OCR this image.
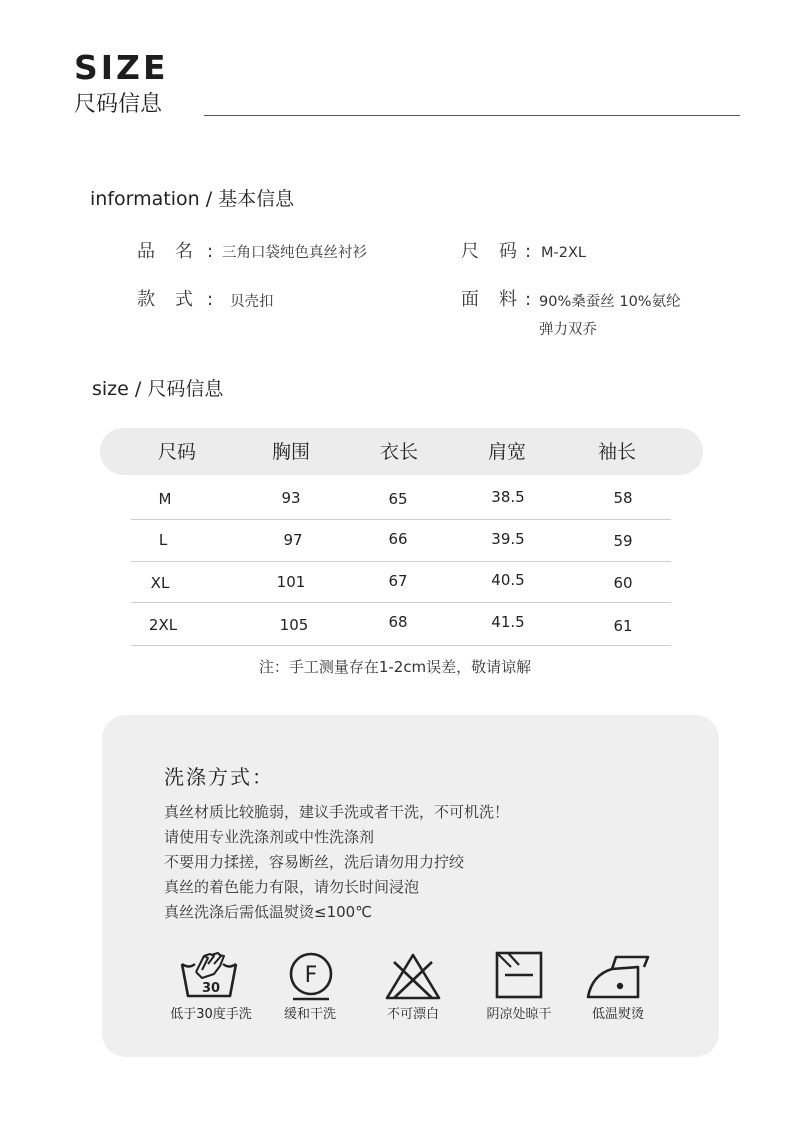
SIZE
尺码信息
information / 基本信息
品　名 : 三角口袋纯色真丝衬衫	尺　码 : M-2XL
款　式 : 贝壳扣	面　料 : 90%桑蚕丝 10%氨纶
弹力双乔
size / 尺码信息
尺码	胸围	衣长	肩宽	袖长
M	93	65	38.5	58
L	97	66	39.5	59
XL	101	67	40.5	60
2XL	105	68	41.5	61
注：手工测量存在1-2cm误差，敬请谅解
洗涤方式：
真丝材质比较脆弱，建议手洗或者干洗，不可机洗！
请使用专业洗涤剂或中性洗涤剂
不要用力揉搓，容易断丝，洗后请勿用力拧绞
真丝的着色能力有限，请勿长时间浸泡
真丝洗涤后需低温熨烫≤100℃
30
F
低于30度手洗	缓和干洗	不可漂白	阴凉处晾干	低温熨烫
